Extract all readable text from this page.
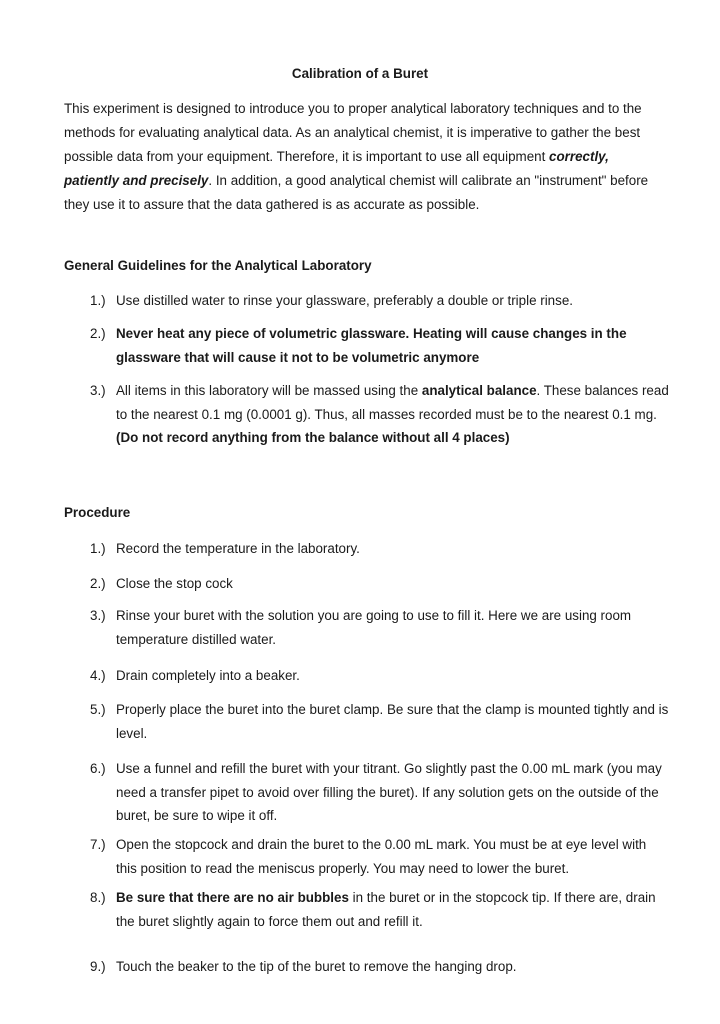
Calibration of a Buret

This experiment is designed to introduce you to proper analytical laboratory techniques and to the methods for evaluating analytical data. As an analytical chemist, it is imperative to gather the best possible data from your equipment. Therefore, it is important to use all equipment correctly, patiently and precisely. In addition, a good analytical chemist will calibrate an "instrument" before they use it to assure that the data gathered is as accurate as possible.

General Guidelines for the Analytical Laboratory
1.) Use distilled water to rinse your glassware, preferably a double or triple rinse.
2.) Never heat any piece of volumetric glassware. Heating will cause changes in the glassware that will cause it not to be volumetric anymore
3.) All items in this laboratory will be massed using the analytical balance. These balances read to the nearest 0.1 mg (0.0001 g). Thus, all masses recorded must be to the nearest 0.1 mg. (Do not record anything from the balance without all 4 places)
Procedure
1.) Record the temperature in the laboratory.
2.) Close the stop cock
3.) Rinse your buret with the solution you are going to use to fill it. Here we are using room temperature distilled water.
4.) Drain completely into a beaker.
5.) Properly place the buret into the buret clamp. Be sure that the clamp is mounted tightly and is level.
6.) Use a funnel and refill the buret with your titrant. Go slightly past the 0.00 mL mark (you may need a transfer pipet to avoid over filling the buret). If any solution gets on the outside of the buret, be sure to wipe it off.
7.) Open the stopcock and drain the buret to the 0.00 mL mark. You must be at eye level with this position to read the meniscus properly. You may need to lower the buret.
8.) Be sure that there are no air bubbles in the buret or in the stopcock tip. If there are, drain the buret slightly again to force them out and refill it.
9.) Touch the beaker to the tip of the buret to remove the hanging drop.
